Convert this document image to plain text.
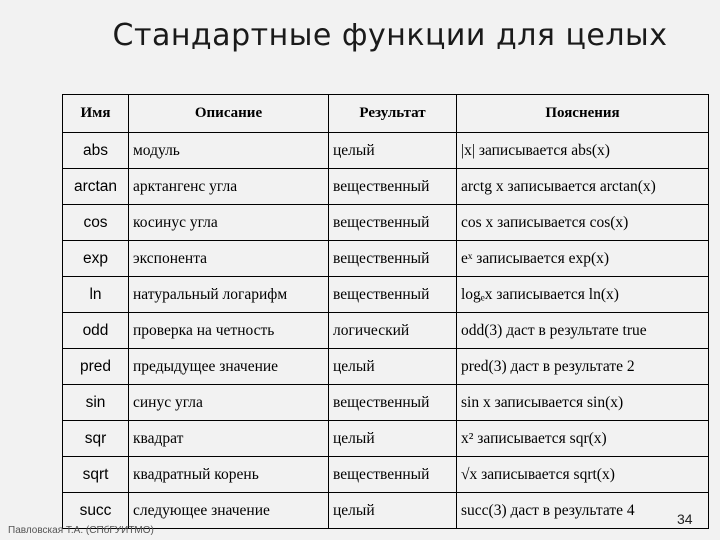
Стандартные функции для целых
Имя	Описание	Результат	Пояснения
abs	модуль	целый	|x| записывается abs(x)
arctan	арктангенс угла	вещественный	arctg x записывается arctan(x)
cos	косинус угла	вещественный	cos x записывается cos(x)
exp	экспонента	вещественный	eˣ записывается exp(x)
ln	натуральный логарифм	вещественный	logₑx записывается ln(x)
odd	проверка на четность	логический	odd(3) даст в результате true
pred	предыдущее значение	целый	pred(3) даст в результате 2
sin	синус угла	вещественный	sin x записывается sin(x)
sqr	квадрат	целый	x² записывается sqr(x)
sqrt	квадратный корень	вещественный	√x записывается sqrt(x)
succ	следующее значение	целый	succ(3) даст в результате 4
Павловская Т.А. (СПбГУИТМО)
34
